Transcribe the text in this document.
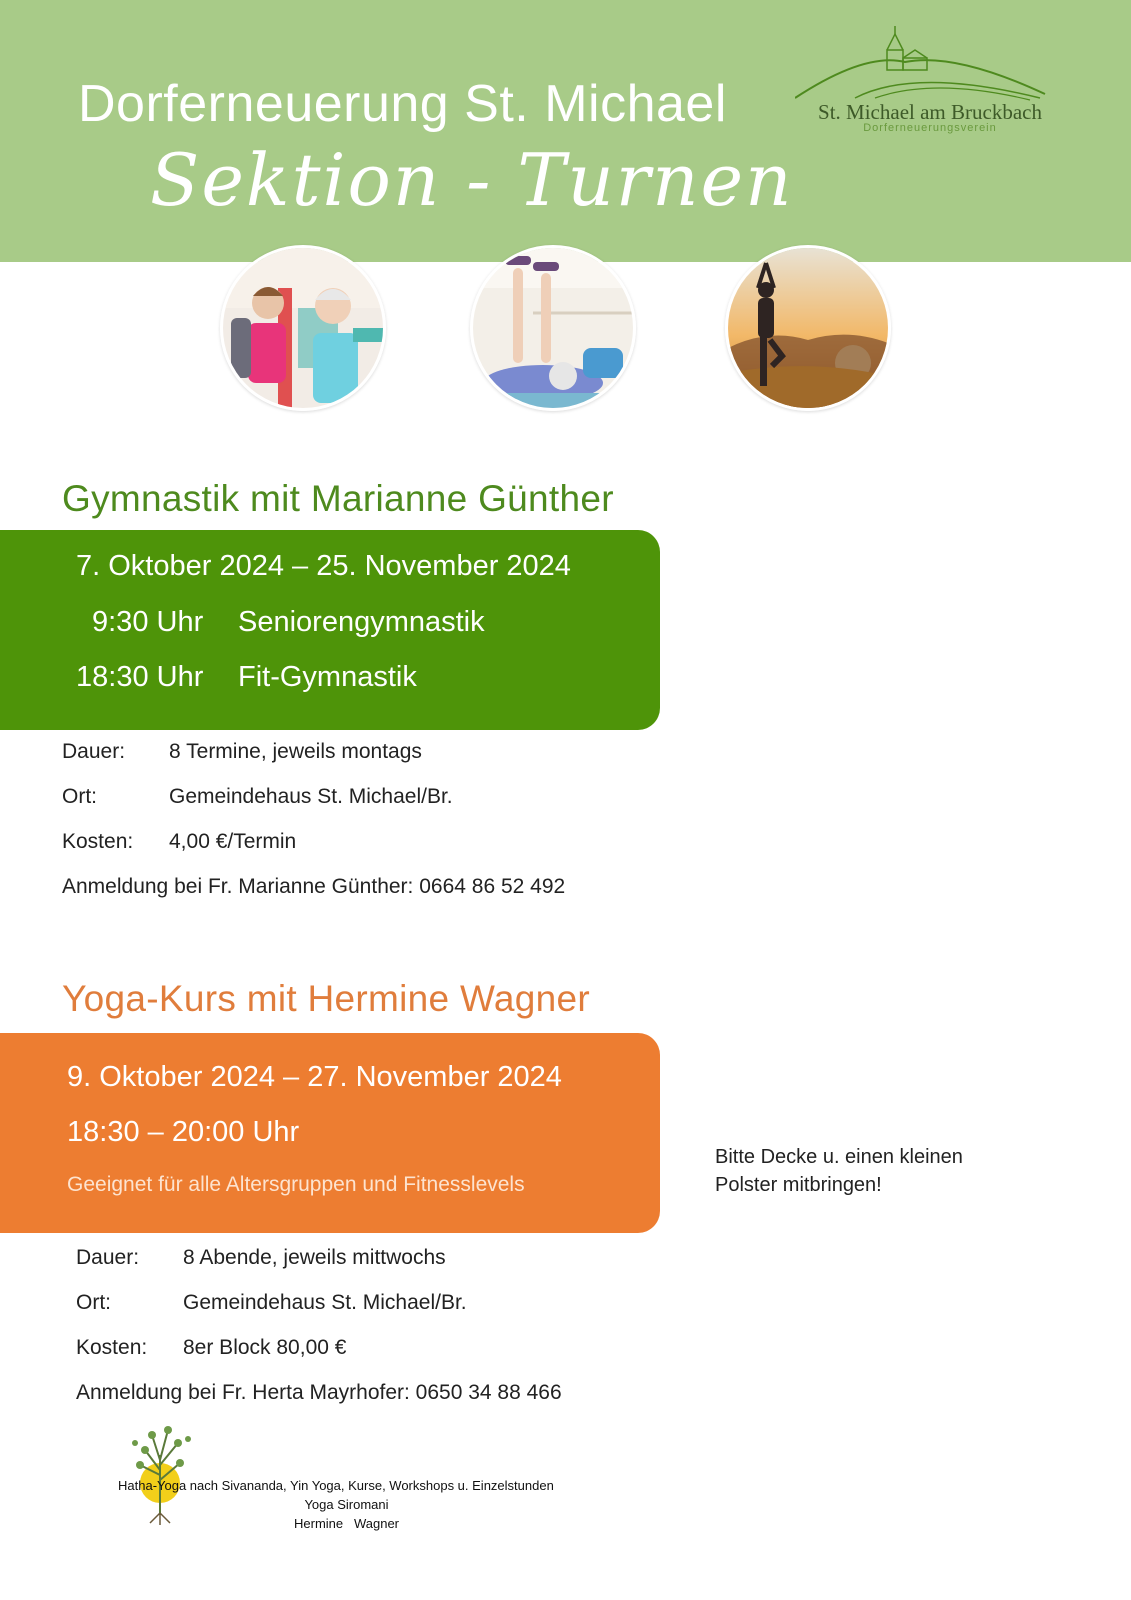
Dorferneuerung St. Michael
Sektion - Turnen
St. Michael am Bruckbach
Dorferneuerungsverein
Gymnastik mit Marianne Günther
7. Oktober 2024 – 25. November 2024
9:30 Uhr Seniorengymnastik
18:30 Uhr Fit-Gymnastik
Dauer: 8 Termine, jeweils montags
Ort:	Gemeindehaus St. Michael/Br.
Kosten: 4,00 €/Termin
Anmeldung bei Fr. Marianne Günther: 0664 86 52 492
Yoga-Kurs mit Hermine Wagner
9. Oktober 2024 – 27. November 2024
18:30 – 20:00 Uhr
Geeignet für alle Altersgruppen und Fitnesslevels
Bitte Decke u. einen kleinen
Polster mitbringen!
Dauer: 8 Abende, jeweils mittwochs
Ort:	Gemeindehaus St. Michael/Br.
Kosten: 8er Block 80,00 €
Anmeldung bei Fr. Herta Mayrhofer: 0650 34 88 466
Hatha-Yoga nach Sivananda, Yin Yoga, Kurse, Workshops u. Einzelstunden
Yoga Siromani
Hermine   Wagner
